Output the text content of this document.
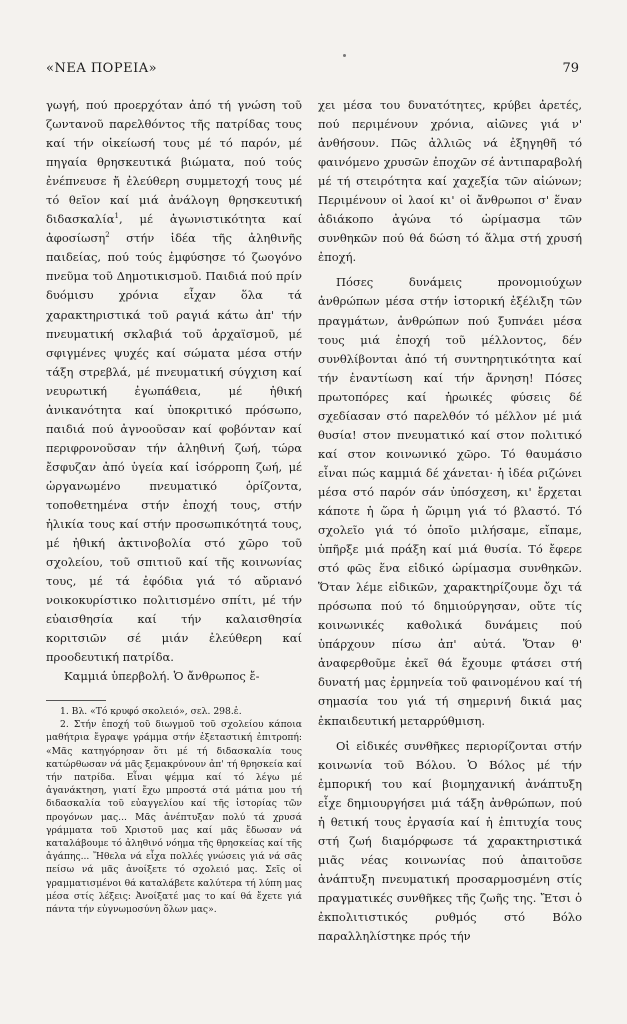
«ΝΕΑ ΠΟΡΕΙΑ»	79

γωγή, πού προερχόταν ἀπό τή γνώση τοῦ ζωντανοῦ παρελθόντος τῆς πατρίδας τους καί τήν οἰκείωσή τους μέ τό παρόν, μέ πηγαία θρησκευτικά βιώματα, πού τούς ἐνέπνευσε ἤ ἐλεύθερη συμμετοχή τους μέ τό θεῖον καί μιά ἀνάλογη θρησκευτική διδασκαλία$^1$, μέ ἀγωνιστικότητα καί ἀφοσίωση$^2$ στήν ἰδέα τῆς ἀληθινῆς παιδείας, πού τούς ἐμφύσησε τό ζωογόνο πνεῦμα τοῦ Δημοτικισμοῦ. Παιδιά πού πρίν δυόμισυ χρόνια εἶχαν ὅλα τά χαρακτηριστικά τοῦ ραγιά κάτω ἀπ' τήν πνευματική σκλαβιά τοῦ ἀρχαϊσμοῦ, μέ σφιγμένες ψυχές καί σώματα μέσα στήν τάξη στρεβλά, μέ πνευματική σύγχιση καί νευρωτική ἐγωπάθεια, μέ ἠθική ἀνικανότητα καί ὑποκριτικό πρόσωπο, παιδιά πού ἀγνοοῦσαν καί φοβόνταν καί περιφρονοῦσαν τήν ἀληθινή ζωή, τώρα ἔσφυζαν ἀπό ὑγεία καί ἰσόρροπη ζωή, μέ ὡργανωμένο πνευματικό ὁρίζοντα, τοποθετημένα στήν ἐποχή τους, στήν ἡλικία τους καί στήν προσωπικότητά τους, μέ ἠθική ἀκτινοβολία στό χῶρο τοῦ σχολείου, τοῦ σπιτιοῦ καί τῆς κοινωνίας τους, μέ τά ἐφόδια γιά τό αὔριανό νοικοκυρίστικο πολιτισμένο σπίτι, μέ τήν εὐαισθησία καί τήν καλαισθησία κοριτσιῶν σέ μιάν ἐλεύθερη καί προοδευτική πατρίδα.

Καμμιά ὑπερβολή. Ὁ ἄνθρωπος ἔ-

1. Βλ. «Τό κρυφό σκολειό», σελ. 298.ἑ.

2. Στήν ἐποχή τοῦ διωγμοῦ τοῦ σχολείου κάποια μαθήτρια ἔγραψε γράμμα στήν ἐξεταστική ἐπιτροπή: «Μᾶς κατηγόρησαν ὅτι μέ τή διδασκαλία τους κατώρθωσαν νά μᾶς ξεμακρύνουν ἀπ' τή θρησκεία καί τήν πατρίδα. Εἶναι ψέμμα καί τό λέγω μέ ἀγανάκτηση, γιατί ἔχω μπροστά στά μάτια μου τή διδασκαλία τοῦ εὐαγγελίου καί τῆς ἱστορίας τῶν προγόνων μας... Μᾶς ἀνέπτυξαν πολύ τά χρυσά γράμματα τοῦ Χριστοῦ μας καί μᾶς ἔδωσαν νά καταλάβουμε τό ἀληθινό νόημα τῆς θρησκείας καί τῆς ἀγάπης... Ἤθελα νά εἶχα πολλές γνώσεις γιά νά σᾶς πείσω νά μᾶς ἀνοίξετε τό σχολειό μας. Σεῖς οἱ γραμματισμένοι θά καταλάβετε καλύτερα τή λύπη μας μέσα στίς λέξεις: Ἀνοίξατέ μας το καί θά ἔχετε γιά πάντα τήν εὐγνωμοσύνη ὅλων μας».

χει μέσα του δυνατότητες, κρύβει ἀρετές, πού περιμένουν χρόνια, αἰῶνες γιά ν' ἀνθήσουν. Πῶς ἀλλιῶς νά ἐξηγηθῆ τό φαινόμενο χρυσῶν ἐποχῶν σέ ἀντιπαραβολή μέ τή στειρότητα καί χαχεξία τῶν αἰώνων; Περιμένουν οἱ λαοί κι' οἱ ἄνθρωποι σ' ἕναν ἀδιάκοπο ἀγώνα τό ὡρίμασμα τῶν συνθηκῶν πού θά δώση τό ἅλμα στή χρυσή ἐποχή.

Πόσες δυνάμεις προνομιούχων ἀνθρώπων μέσα στήν ἱστορική ἐξέλιξη τῶν πραγμάτων, ἀνθρώπων πού ξυπνάει μέσα τους μιά ἐποχή τοῦ μέλλοντος, δέν συνθλίβονται ἀπό τή συντηρητικότητα καί τήν ἐναντίωση καί τήν ἄρνηση! Πόσες πρωτοπόρες καί ἡρωικές φύσεις δέ σχεδίασαν στό παρελθόν τό μέλλον μέ μιά θυσία! στον πνευματικό καί στον πολιτικό καί στον κοινωνικό χῶρο. Τό θαυμάσιο εἶναι πώς καμμιά δέ χάνεται· ἡ ἰδέα ριζώνει μέσα στό παρόν σάν ὑπόσχεση, κι' ἔρχεται κάποτε ἡ ὥρα ἡ ὥριμη γιά τό βλαστό. Τό σχολεῖο γιά τό ὁποῖο μιλήσαμε, εἴπαμε, ὑπῆρξε μιά πράξη καί μιά θυσία. Τό ἔφερε στό φῶς ἕνα εἰδικό ὡρίμασμα συνθηκῶν. Ὅταν λέμε εἰδικῶν, χαρακτηρίζουμε ὄχι τά πρόσωπα πού τό δημιούργησαν, οὔτε τίς κοινωνικές καθολικά δυνάμεις πού ὑπάρχουν πίσω ἀπ' αὐτά. Ὅταν θ' ἀναφερθοῦμε ἐκεῖ θά ἔχουμε φτάσει στή δυνατή μας ἑρμηνεία τοῦ φαινομένου καί τή σημασία του γιά τή σημερινή δικιά μας ἐκπαιδευτική μεταρρύθμιση.

Οἱ εἰδικές συνθῆκες περιορίζονται στήν κοινωνία τοῦ Βόλου. Ὁ Βόλος μέ τήν ἐμπορική του καί βιομηχανική ἀνάπτυξη εἶχε δημιουργήσει μιά τάξη ἀνθρώπων, πού ἡ θετική τους ἐργασία καί ἡ ἐπιτυχία τους στή ζωή διαμόρφωσε τά χαρακτηριστικά μιᾶς νέας κοινωνίας πού ἀπαιτοῦσε ἀνάπτυξη πνευματική προσαρμοσμένη στίς πραγματικές συνθῆκες τῆς ζωῆς της. Ἔτσι ὁ ἐκπολιτιστικός ρυθμός στό Βόλο παραλληλίστηκε πρός τήν
